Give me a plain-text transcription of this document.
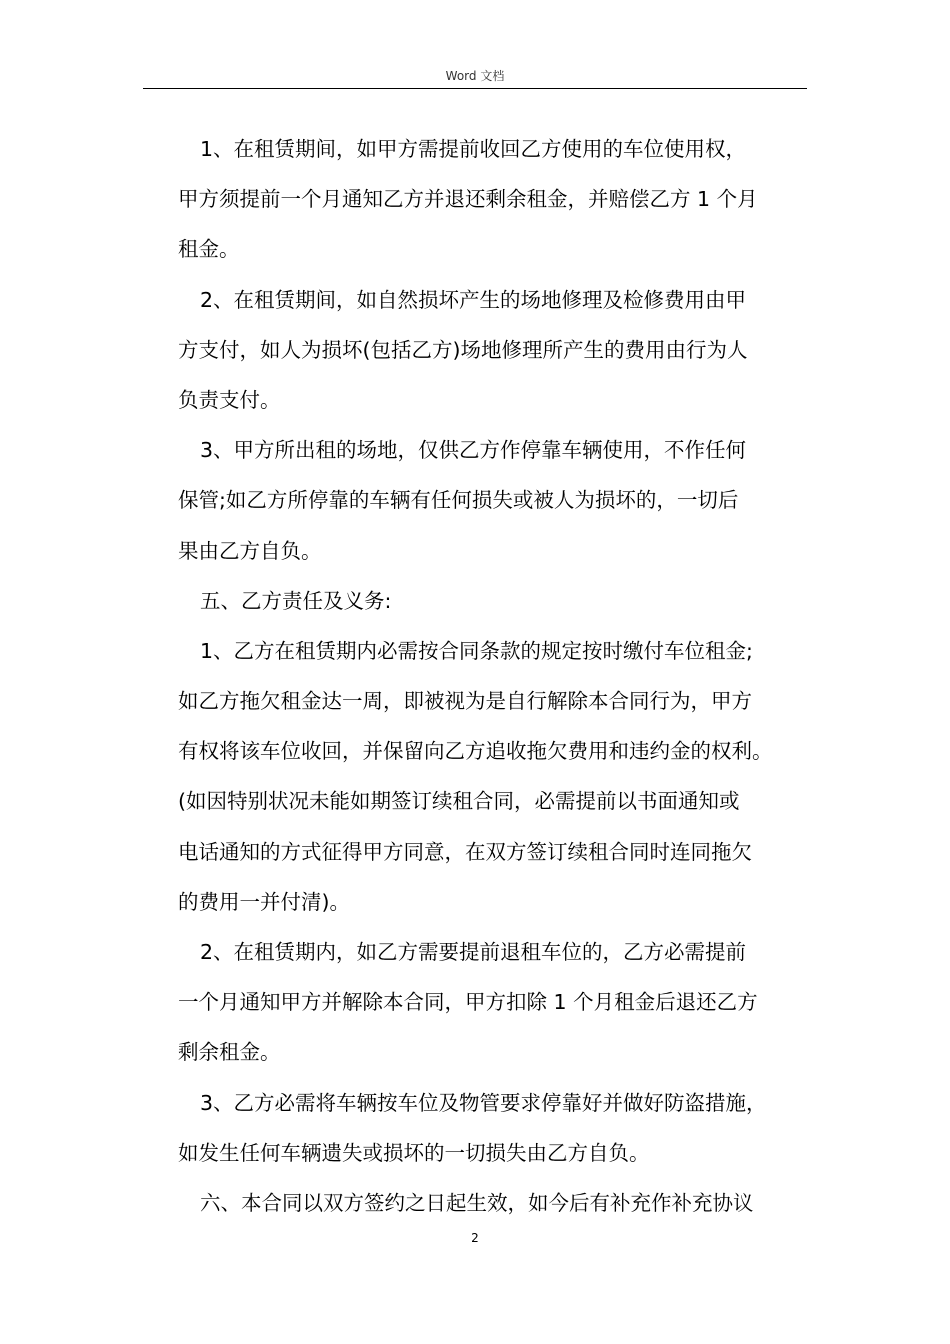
Word 文档
1、在租赁期间，如甲方需提前收回乙方使用的车位使用权，
甲方须提前一个月通知乙方并退还剩余租金，并赔偿乙方 1 个月
租金。
2、在租赁期间，如自然损坏产生的场地修理及检修费用由甲
方支付，如人为损坏(包括乙方)场地修理所产生的费用由行为人
负责支付。
3、甲方所出租的场地，仅供乙方作停靠车辆使用，不作任何
保管;如乙方所停靠的车辆有任何损失或被人为损坏的，一切后
果由乙方自负。
五、乙方责任及义务:
1、乙方在租赁期内必需按合同条款的规定按时缴付车位租金;
如乙方拖欠租金达一周，即被视为是自行解除本合同行为，甲方
有权将该车位收回，并保留向乙方追收拖欠费用和违约金的权利。
(如因特别状况未能如期签订续租合同，必需提前以书面通知或
电话通知的方式征得甲方同意，在双方签订续租合同时连同拖欠
的费用一并付清)。
2、在租赁期内，如乙方需要提前退租车位的，乙方必需提前
一个月通知甲方并解除本合同，甲方扣除 1 个月租金后退还乙方
剩余租金。
3、乙方必需将车辆按车位及物管要求停靠好并做好防盗措施，
如发生任何车辆遗失或损坏的一切损失由乙方自负。
六、本合同以双方签约之日起生效，如今后有补充作补充协议
2
